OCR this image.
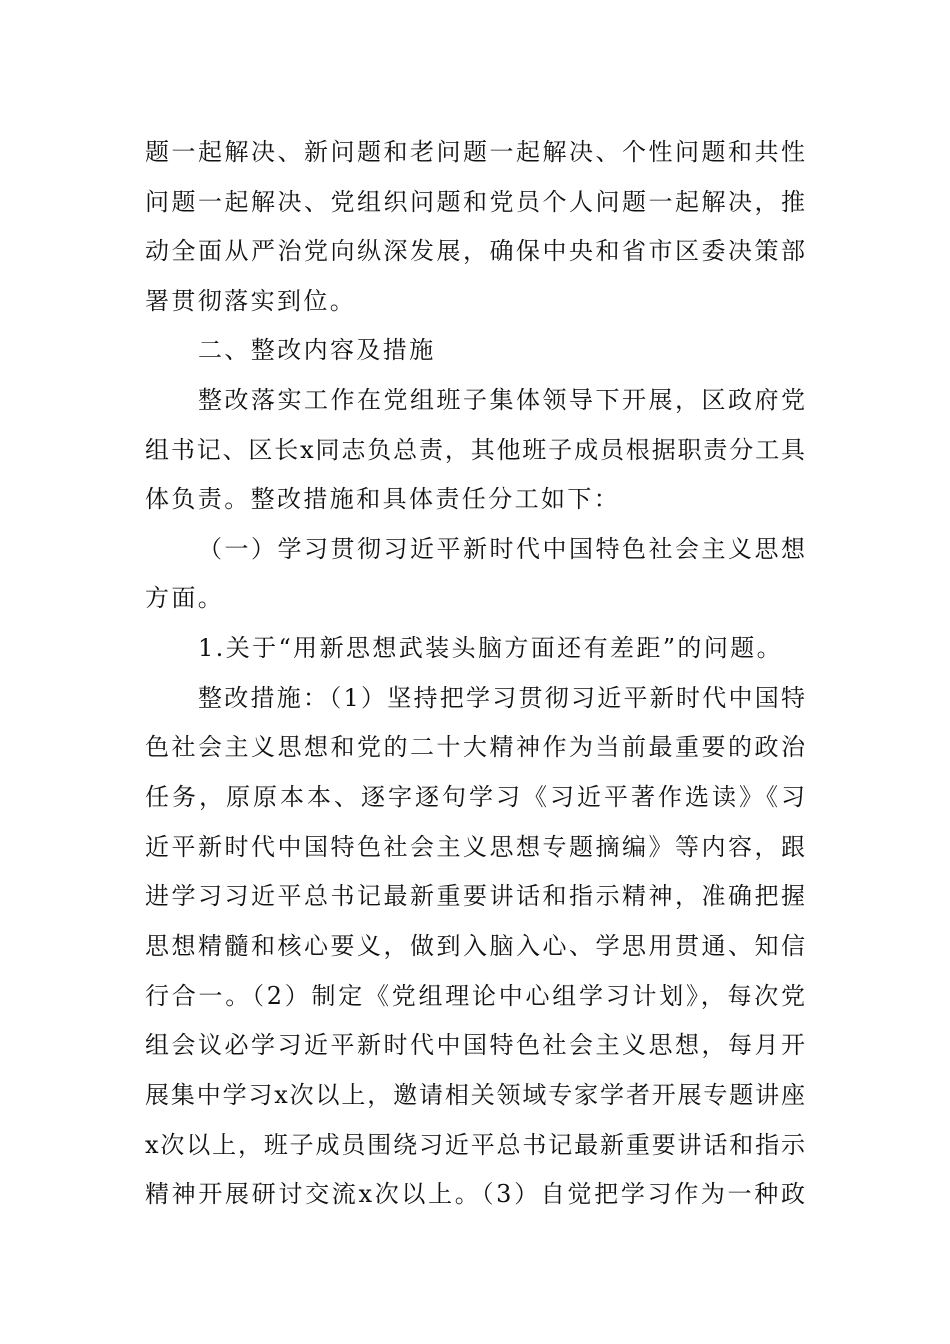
题一起解决、新问题和老问题一起解决、个性问题和共性
问题一起解决、党组织问题和党员个人问题一起解决，推
动全面从严治党向纵深发展，确保中央和省市区委决策部
署贯彻落实到位。
二、整改内容及措施
整改落实工作在党组班子集体领导下开展，区政府党
组书记、区长x同志负总责，其他班子成员根据职责分工具
体负责。整改措施和具体责任分工如下：
（一）学习贯彻习近平新时代中国特色社会主义思想
方面。
1.关于“用新思想武装头脑方面还有差距”的问题。
整改措施：（1）坚持把学习贯彻习近平新时代中国特
色社会主义思想和党的二十大精神作为当前最重要的政治
任务，原原本本、逐字逐句学习《习近平著作选读》《习
近平新时代中国特色社会主义思想专题摘编》等内容，跟
进学习习近平总书记最新重要讲话和指示精神，准确把握
思想精髓和核心要义，做到入脑入心、学思用贯通、知信
行合一。（2）制定《党组理论中心组学习计划》，每次党
组会议必学习近平新时代中国特色社会主义思想，每月开
展集中学习x次以上，邀请相关领域专家学者开展专题讲座
x次以上，班子成员围绕习近平总书记最新重要讲话和指示
精神开展研讨交流x次以上。（3）自觉把学习作为一种政
